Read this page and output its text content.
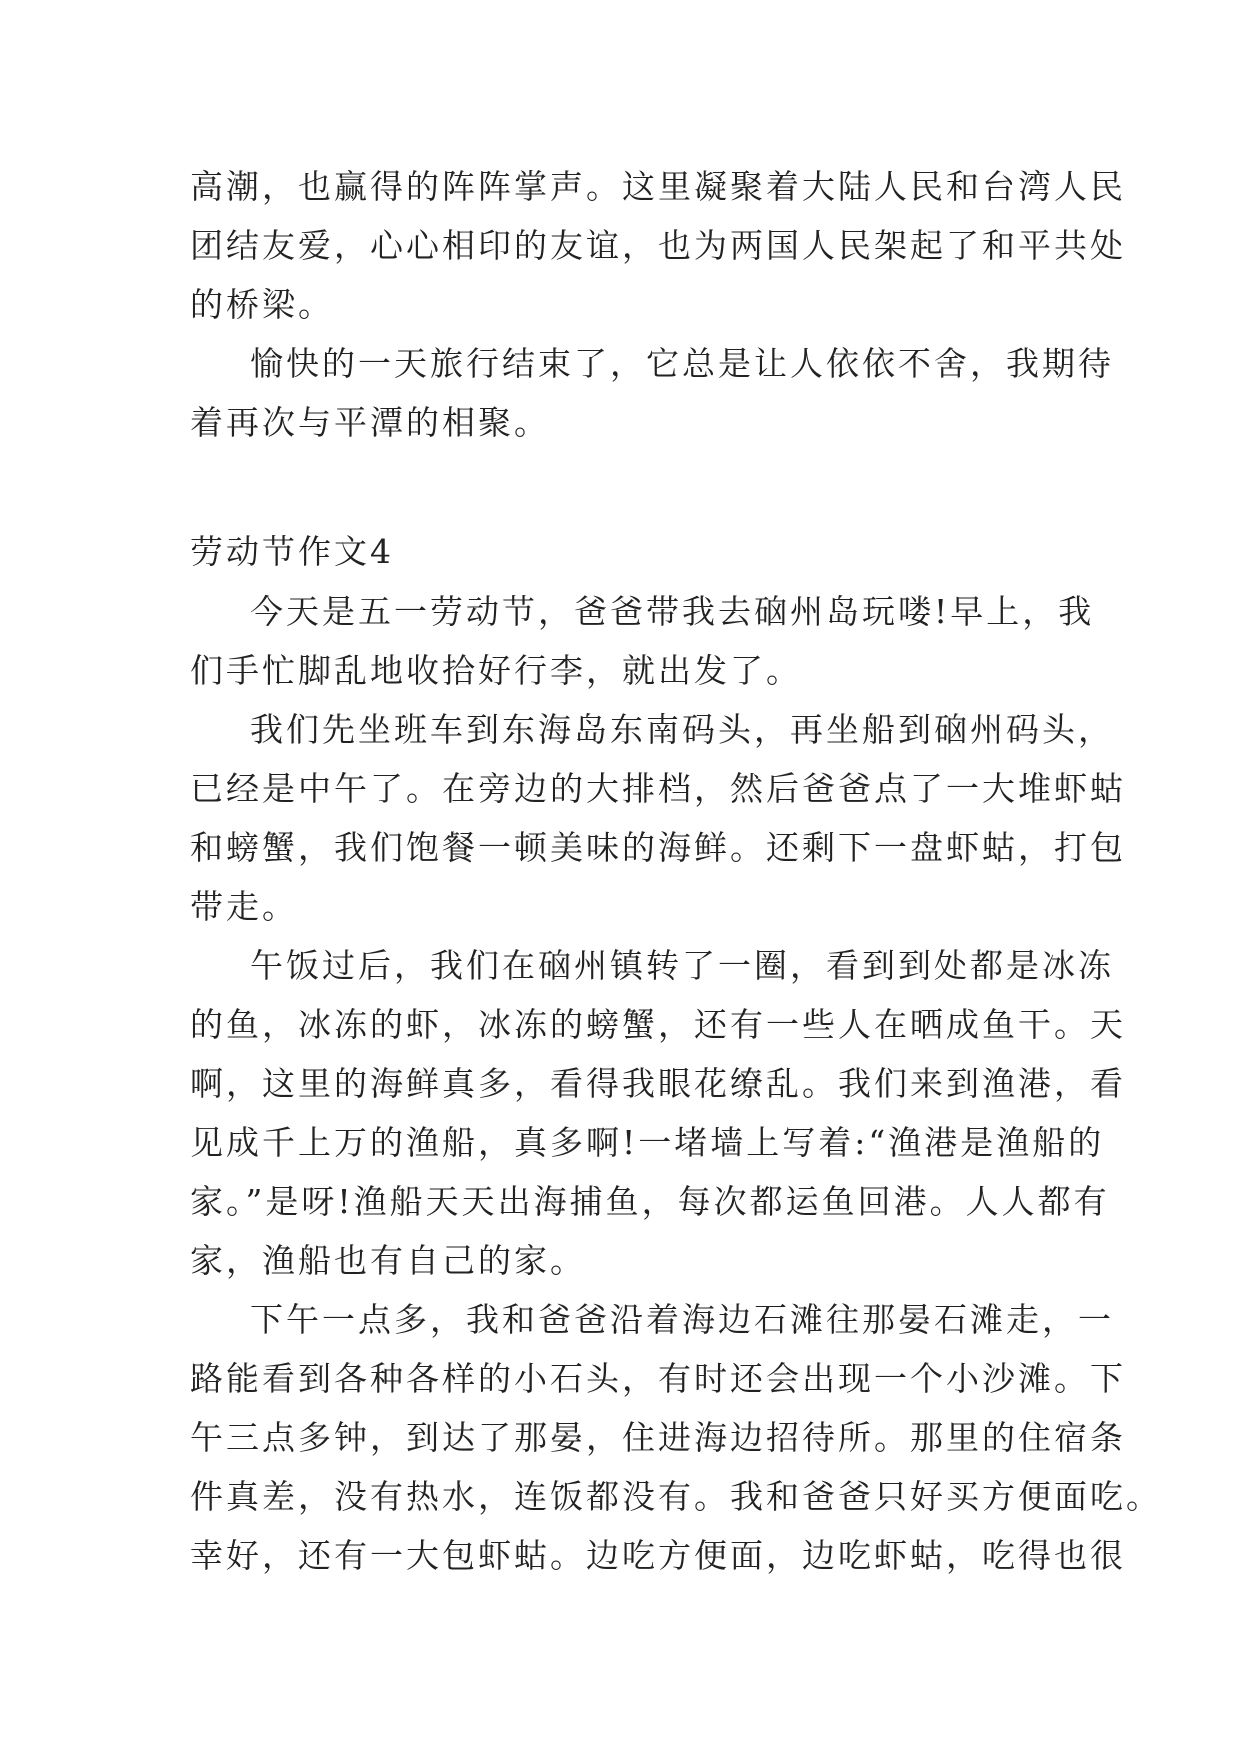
高潮，也赢得的阵阵掌声。这里凝聚着大陆人民和台湾人民
团结友爱，心心相印的友谊，也为两国人民架起了和平共处
的桥梁。

愉快的一天旅行结束了，它总是让人依依不舍，我期待
着再次与平潭的相聚。

劳动节作文4

今天是五一劳动节，爸爸带我去硇州岛玩喽!早上，我
们手忙脚乱地收拾好行李，就出发了。

我们先坐班车到东海岛东南码头，再坐船到硇州码头，
已经是中午了。在旁边的大排档，然后爸爸点了一大堆虾蛄
和螃蟹，我们饱餐一顿美味的海鲜。还剩下一盘虾蛄，打包
带走。

午饭过后，我们在硇州镇转了一圈，看到到处都是冰冻
的鱼，冰冻的虾，冰冻的螃蟹，还有一些人在晒成鱼干。天
啊，这里的海鲜真多，看得我眼花缭乱。我们来到渔港，看
见成千上万的渔船，真多啊!一堵墙上写着:“渔港是渔船的
家。”是呀!渔船天天出海捕鱼，每次都运鱼回港。人人都有
家，渔船也有自己的家。

下午一点多，我和爸爸沿着海边石滩往那晏石滩走，一
路能看到各种各样的小石头，有时还会出现一个小沙滩。下
午三点多钟，到达了那晏，住进海边招待所。那里的住宿条
件真差，没有热水，连饭都没有。我和爸爸只好买方便面吃。
幸好，还有一大包虾蛄。边吃方便面，边吃虾蛄，吃得也很
